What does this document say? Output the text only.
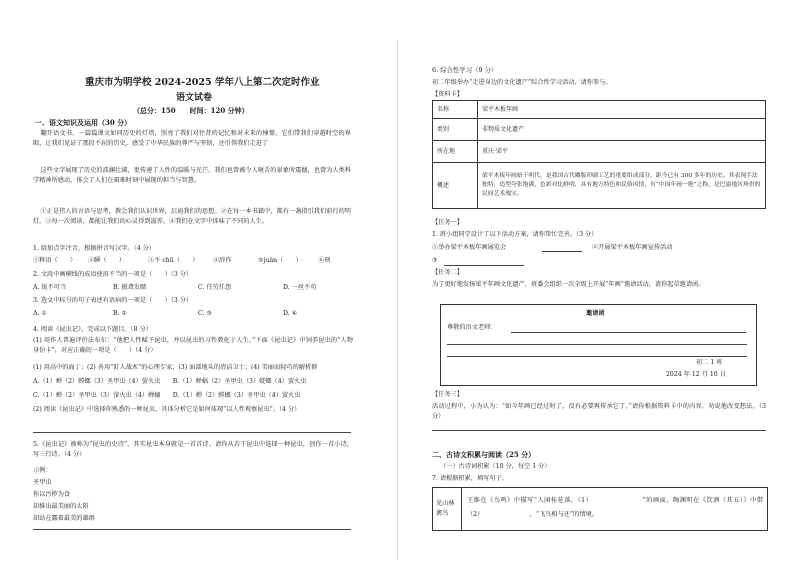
重庆市为明学校 2024-2025 学年八上第二次定时作业
语文试卷
（总分：150　　时间：120 分钟）
一、语文知识及运用（30 分）
翻开语文书，一篇篇课文如同历史的灯塔，照亮了我们对往昔的记忆和对未来的憧憬。它们带我们穿越时空的界限，让我们见证了那段不屈的历史，感受了中华民族的尊严与坚韧，还引领我们走进了
这些文字展现了历史的波澜壮阔，更传递了人性的温暖与光芒。我们也曾被令人咂舌的景象所震撼，也曾为人类科学精神所感动，体会了人们在艰难时刻中展现的担当与智慧。
①正是伟人的言语与思考，教会我们认识世界，启迪我们的思想。②在每一本书籍中，都有一盏指引我们前行的明灯。③每一次阅读，都能让我们的心灵得到滋养。④我们在文字中体味了不同的人生。
1. 给加点字注音，根据拼音写汉字。（4 分）
①粹语（　　） ②瞬（　　）	③不 chū（　　） ④辞作	⑤juàn（　　）	⑥刻
2. 文段中画横线的成语使用不当的一项是（　　）（3 分）
A. 锐不可当	B. 振聋发聩	C. 任劳任怨	D. 一丝不苟
3. 选文中标号的句子表述有语病的一项是（　　）（3 分）
A. ①	B. ②	C. ③	D. ④
4. 阅读《昆虫记》，完成以下题目。（8 分）
(1) 用作人普遍评价法布尔：“他把人性赋予昆虫，并以昆虫的习性教化于人生。”下面《昆虫记》中饲养昆虫的“人物身份卡”，对应正确的一项是（　　）（4 分）
(1) 用高中的面丁；(2) 善用“盯人战术”的心理专家；(3) 面部地头的清洁卫士；(4) 美丽而轻巧的解析群
A.（1）蝉（2）螳螂（3）圣甲虫（4）萤火虫　　B.（1）蝉蜗（2）圣甲虫（3）蜣螂（4）萤火虫
C.（1）蝉（2）圣甲虫（3）萤火虫（4）蝉蛹　　D.（1）蝉（2）螳螂（3）圣甲虫（4）萤火虫
(2) 阅读《昆虫记》中选择你熟悉的一种昆虫，具体分析它是如何体现“以人性观察昆虫”。（4 分）
5.《昆虫记》被称为“昆虫的史诗”，其实昆虫本身就是一首首诗。请你从若干昆虫中选择一种昆虫，创作一首小诗，写三行诗。（4 分）
示例：
圣甲虫
你以污秽为食
却推出最美丽的太阳
却站在露着最美的雄群
6. 综合性学习（9 分）
初二年级举办“走进身边的文化遗产”综合性学习活动，请你参与。
【资料卡】
名称	梁平木板年画
类别	非物质文化遗产
所在地	重庆·梁平
概述	梁平木板年画始于明代，是我国古代雕版印刷工艺的重要组成部分，距今已有 300 多年的历史。其表现手法独特，造型夸张饱满，色彩对比鲜明，具有地方特色和民俗风情，有“中国年画一绝”之称，是巴渝地区珍贵的民间艺术瑰宝。
【任务一】
1. 班小组同学设计了以下活动方案，请你帮忙完善。（3 分）
①举办梁平木板年画展览会	②开展梁平木板年画宣传活动
③
【任务二】
为了更好地发扬梁平年画文化遗产，班委会组织一次全级上开展“年画”邀请活动，请你起草邀请函。
邀请函
尊敬的语文老师：
初二 1 班
2024 年 12 月 10 日
【任务三】
活动过程中，小为认为：“如今年画已经过时了，没有必要再传承它了。”请你根据资料卡中的内容，劝说他改变想法。（3 分）
二、古诗文积累与阅读（25 分）
（一）古诗词积累（10 分，每空 1 分）
7. 请根据积累，填写句子。
见山林 禽鸟
王维在《鸟鸣》中描写“人闲桂花落，（1）　　　　　　　　”的画面，陶渊明在《饮酒（其五）》中借（2）　　　　　　　　，“飞鸟相与还”的情境。
